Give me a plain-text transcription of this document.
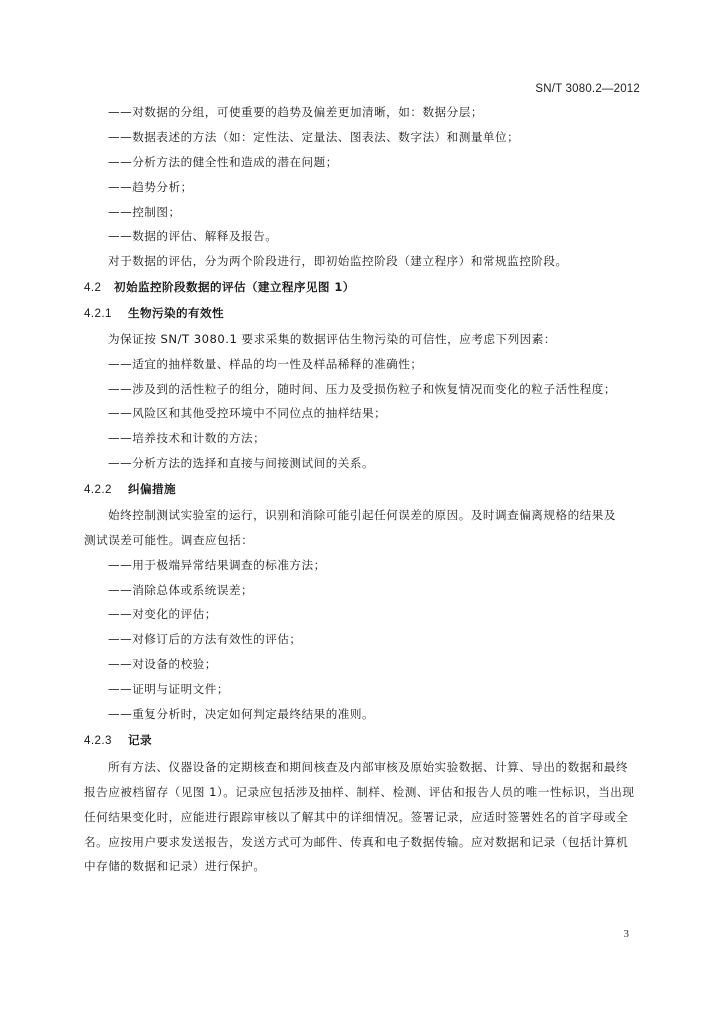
SN/T 3080.2—2012
——对数据的分组，可使重要的趋势及偏差更加清晰，如：数据分层；
——数据表述的方法（如：定性法、定量法、图表法、数字法）和测量单位；
——分析方法的健全性和造成的潜在问题；
——趋势分析；
——控制图；
——数据的评估、解释及报告。
对于数据的评估，分为两个阶段进行，即初始监控阶段（建立程序）和常规监控阶段。
4.2 初始监控阶段数据的评估（建立程序见图 1）
4.2.1 生物污染的有效性
为保证按 SN/T 3080.1 要求采集的数据评估生物污染的可信性，应考虑下列因素：
——适宜的抽样数量、样品的均一性及样品稀释的准确性；
——涉及到的活性粒子的组分，随时间、压力及受损伤粒子和恢复情况而变化的粒子活性程度；
——风险区和其他受控环境中不同位点的抽样结果；
——培养技术和计数的方法；
——分析方法的选择和直接与间接测试间的关系。
4.2.2 纠偏措施
始终控制测试实验室的运行，识别和消除可能引起任何误差的原因。及时调查偏离规格的结果及
测试误差可能性。调查应包括：
——用于极端异常结果调查的标准方法；
——消除总体或系统误差；
——对变化的评估；
——对修订后的方法有效性的评估；
——对设备的校验；
——证明与证明文件；
——重复分析时，决定如何判定最终结果的准则。
4.2.3 记录
所有方法、仪器设备的定期核查和期间核查及内部审核及原始实验数据、计算、导出的数据和最终
报告应被档留存（见图 1）。记录应包括涉及抽样、制样、检测、评估和报告人员的唯一性标识，当出现
任何结果变化时，应能进行跟踪审核以了解其中的详细情况。签署记录，应适时签署姓名的首字母或全
名。应按用户要求发送报告，发送方式可为邮件、传真和电子数据传输。应对数据和记录（包括计算机
中存储的数据和记录）进行保护。
3
